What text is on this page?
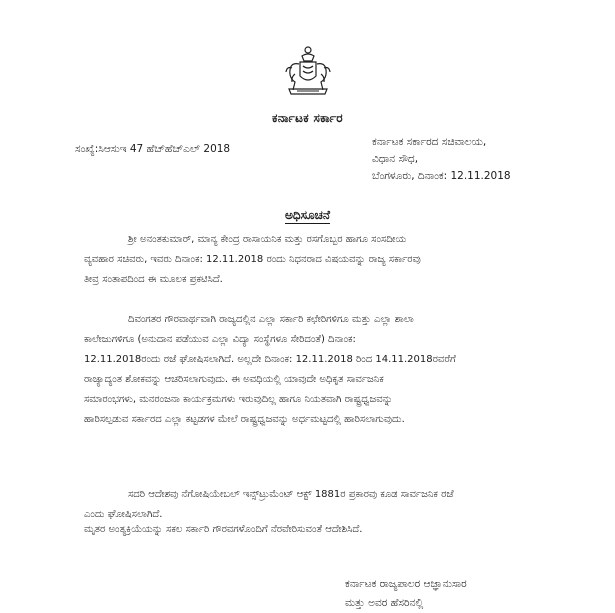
ಕರ್ನಾಟಕ ಸರ್ಕಾರ
ಸಂಖ್ಯೆ:ಸಿಆಸುಇ 47 ಹೆಚ್‌ಹೆಚ್‌ಎಲ್ 2018
ಕರ್ನಾಟಕ ಸರ್ಕಾರದ ಸಚಿವಾಲಯ,
ವಿಧಾನ ಸೌಧ,
ಬೆಂಗಳೂರು, ದಿನಾಂಕ: 12.11.2018
ಅಧಿಸೂಚನೆ
ಶ್ರೀ ಅನಂತಕುಮಾರ್, ಮಾನ್ಯ ಕೇಂದ್ರ ರಾಸಾಯನಿಕ ಮತ್ತು ರಸಗೊಬ್ಬರ ಹಾಗೂ ಸಂಸದೀಯ
ವ್ಯವಹಾರ ಸಚಿವರು, ಇವರು ದಿನಾಂಕ: 12.11.2018 ರಂದು ನಿಧನರಾದ ವಿಷಯವನ್ನು ರಾಜ್ಯ ಸರ್ಕಾರವು
ತೀವ್ರ ಸಂತಾಪದಿಂದ ಈ ಮೂಲಕ ಪ್ರಕಟಿಸಿದೆ.
ದಿವಂಗತರ ಗೌರವಾರ್ಥವಾಗಿ ರಾಜ್ಯದಲ್ಲಿನ ಎಲ್ಲಾ ಸರ್ಕಾರಿ ಕಛೇರಿಗಳಿಗೂ ಮತ್ತು ಎಲ್ಲಾ ಶಾಲಾ
ಕಾಲೇಜುಗಳಿಗೂ (ಅನುದಾನ ಪಡೆಯುವ ಎಲ್ಲಾ ವಿದ್ಯಾ ಸಂಸ್ಥೆಗಳೂ ಸೇರಿದಂತೆ) ದಿನಾಂಕ:
12.11.2018ರಂದು ರಜೆ ಘೋಷಿಸಲಾಗಿದೆ. ಅಲ್ಲದೇ ದಿನಾಂಕ: 12.11.2018 ರಿಂದ 14.11.2018ರವರೆಗೆ
ರಾಜ್ಯಾದ್ಯಂತ ಶೋಕವನ್ನು ಆಚರಿಸಲಾಗುವುದು. ಈ ಅವಧಿಯಲ್ಲಿ ಯಾವುದೇ ಅಧಿಕೃತ ಸಾರ್ವಜನಿಕ
ಸಮಾರಂಭಗಳು, ಮನರಂಜನಾ ಕಾರ್ಯಕ್ರಮಗಳು ಇರುವುದಿಲ್ಲ ಹಾಗೂ ನಿಯತವಾಗಿ ರಾಷ್ಟ್ರಧ್ವಜವನ್ನು
ಹಾರಿಸಲ್ಪಡುವ ಸರ್ಕಾರದ ಎಲ್ಲಾ ಕಟ್ಟಡಗಳ ಮೇಲೆ ರಾಷ್ಟ್ರಧ್ವಜವನ್ನು ಅರ್ಧಮಟ್ಟದಲ್ಲಿ ಹಾರಿಸಲಾಗುವುದು.
ಸದರಿ ಆದೇಶವು ನೆಗೋಷಿಯೇಬಲ್ ಇನ್ಸ್‌ಟ್ರುಮೆಂಟ್ ಆಕ್ಟ್ 1881ರ ಪ್ರಕಾರವು ಕೂಡ ಸಾರ್ವಜನಿಕ ರಜೆ
ಎಂದು ಘೋಷಿಸಲಾಗಿದೆ.
ಮೃತರ ಅಂತ್ಯಕ್ರಿಯೆಯನ್ನು ಸಕಲ ಸರ್ಕಾರಿ ಗೌರವಗಳೊಂದಿಗೆ ನೆರವೇರಿಸುವಂತೆ ಆದೇಶಿಸಿದೆ.
ಕರ್ನಾಟಕ ರಾಜ್ಯಪಾಲರ ಆಜ್ಞಾನುಸಾರ
ಮತ್ತು ಅವರ ಹೆಸರಿನಲ್ಲಿ
